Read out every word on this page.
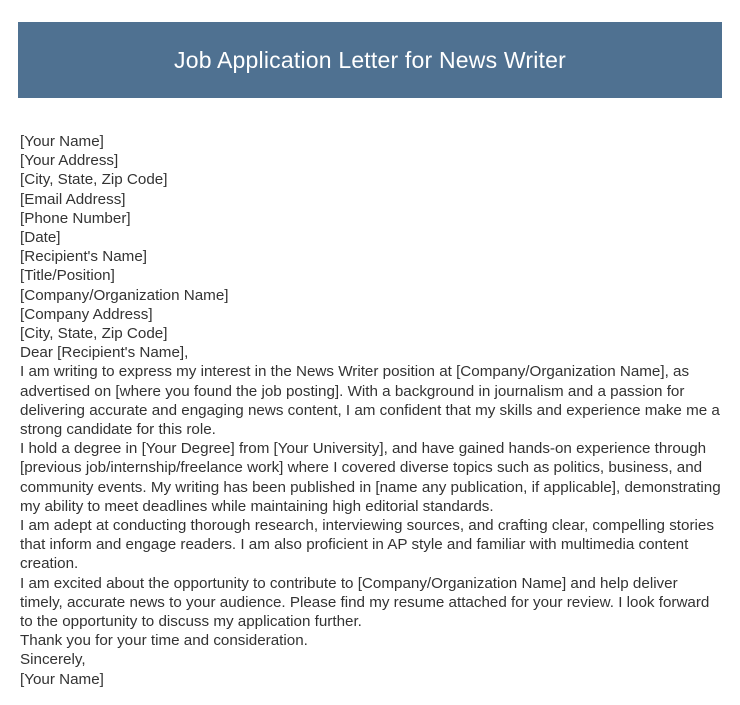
Job Application Letter for News Writer
[Your Name]
[Your Address]
[City, State, Zip Code]
[Email Address]
[Phone Number]
[Date]
[Recipient's Name]
[Title/Position]
[Company/Organization Name]
[Company Address]
[City, State, Zip Code]
Dear [Recipient's Name],
I am writing to express my interest in the News Writer position at [Company/Organization Name], as advertised on [where you found the job posting]. With a background in journalism and a passion for delivering accurate and engaging news content, I am confident that my skills and experience make me a strong candidate for this role.
I hold a degree in [Your Degree] from [Your University], and have gained hands-on experience through [previous job/internship/freelance work] where I covered diverse topics such as politics, business, and community events. My writing has been published in [name any publication, if applicable], demonstrating my ability to meet deadlines while maintaining high editorial standards.
I am adept at conducting thorough research, interviewing sources, and crafting clear, compelling stories that inform and engage readers. I am also proficient in AP style and familiar with multimedia content creation.
I am excited about the opportunity to contribute to [Company/Organization Name] and help deliver timely, accurate news to your audience. Please find my resume attached for your review. I look forward to the opportunity to discuss my application further.
Thank you for your time and consideration.
Sincerely,
[Your Name]
